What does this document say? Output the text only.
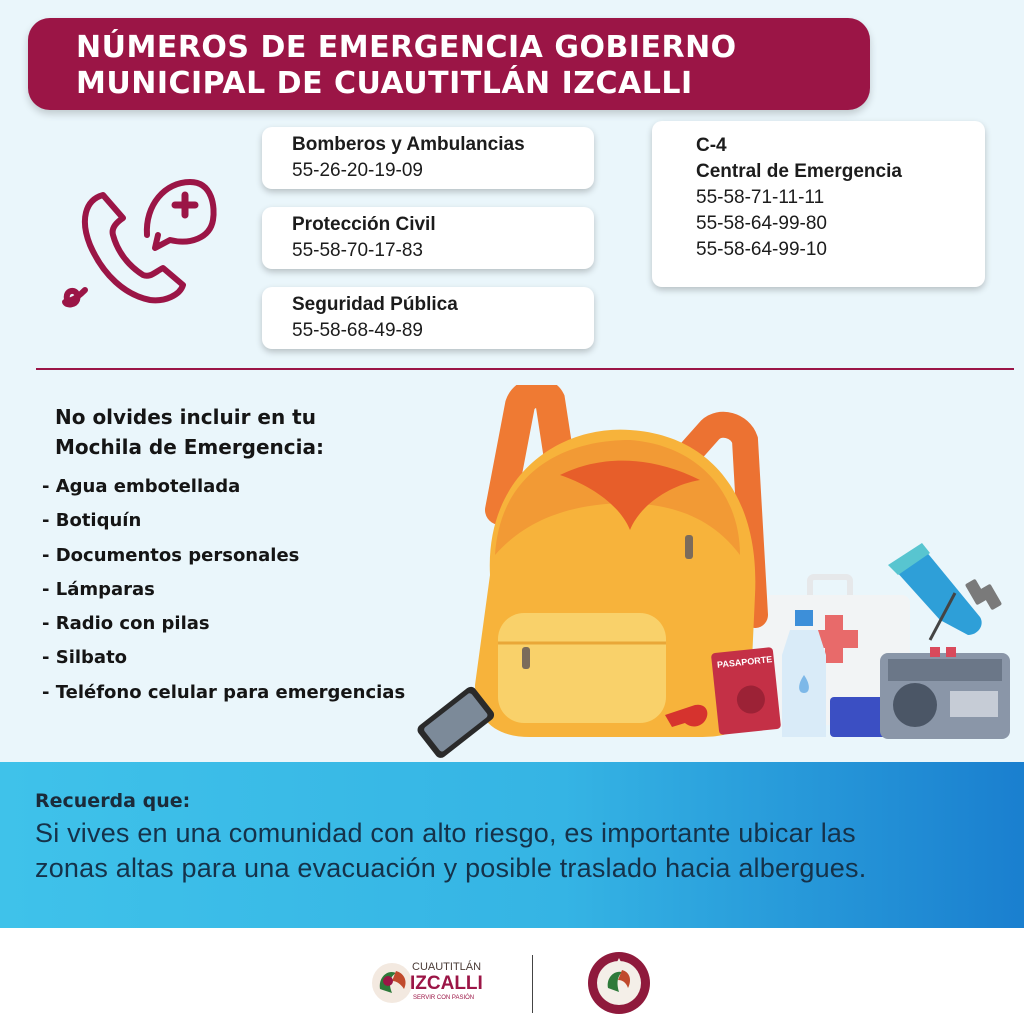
NÚMEROS DE EMERGENCIA GOBIERNO
MUNICIPAL DE CUAUTITLÁN IZCALLI
Bomberos y Ambulancias
55-26-20-19-09
Protección Civil
55-58-70-17-83
Seguridad Pública
55-58-68-49-89
C-4
Central de Emergencia
55-58-71-11-11
55-58-64-99-80
55-58-64-99-10
No olvides incluir en tu
Mochila de Emergencia:
- Agua embotellada
- Botiquín
- Documentos personales
- Lámparas
- Radio con pilas
- Silbato
- Teléfono celular para emergencias
PASAPORTE
Recuerda que:
Si vives en una comunidad con alto riesgo, es importante ubicar las
zonas altas para una evacuación y posible traslado hacia albergues.
CUAUTITLÁN
IZCALLI
SERVIR CON PASIÓN
